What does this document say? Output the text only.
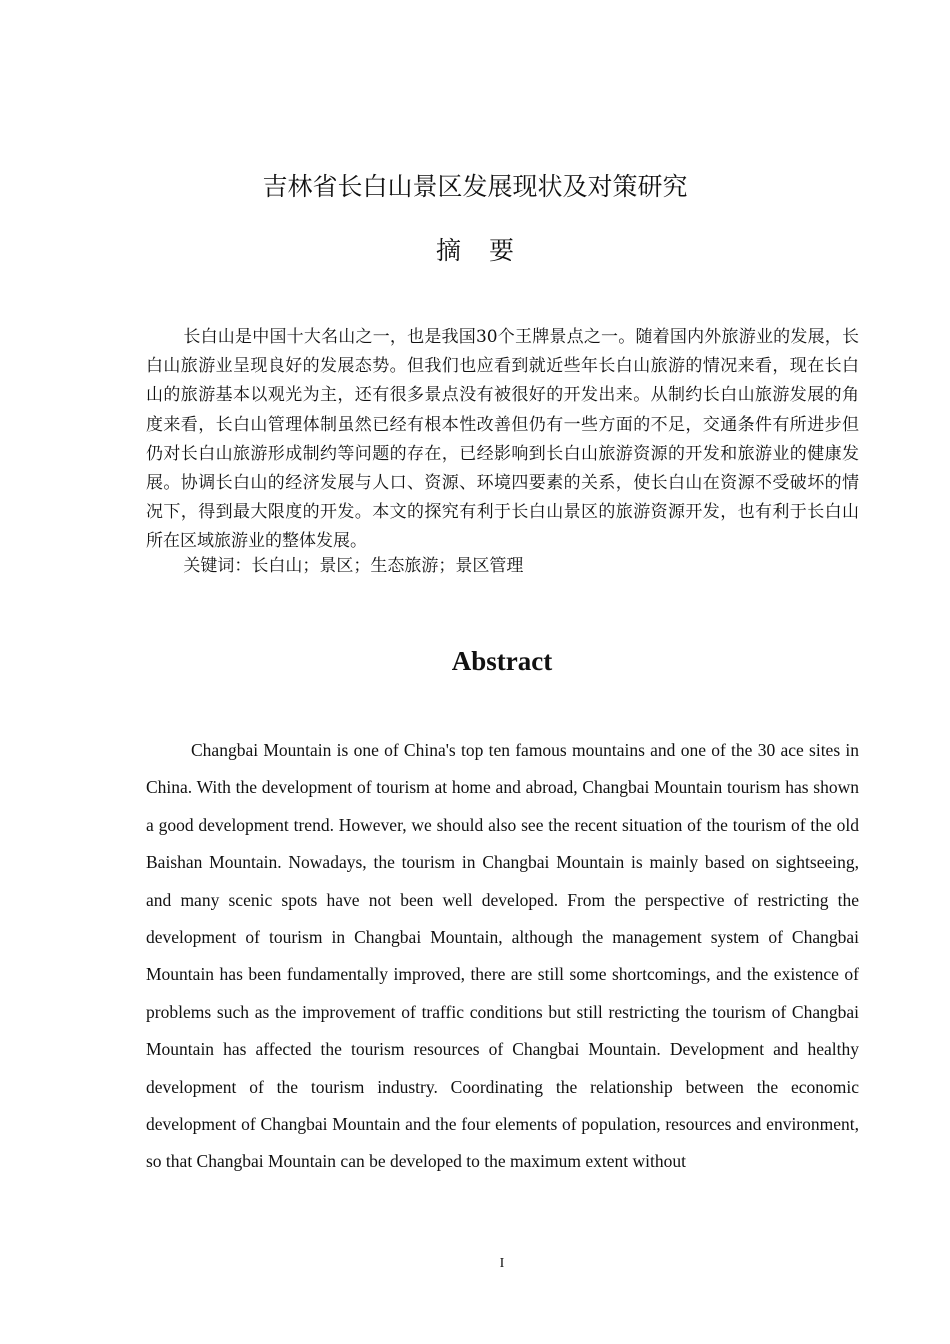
吉林省长白山景区发展现状及对策研究
摘 要

长白山是中国十大名山之一，也是我国30个王牌景点之一。随着国内外旅游业的发展，长白山旅游业呈现良好的发展态势。但我们也应看到就近些年长白山旅游的情况来看，现在长白山的旅游基本以观光为主，还有很多景点没有被很好的开发出来。从制约长白山旅游发展的角度来看，长白山管理体制虽然已经有根本性改善但仍有一些方面的不足，交通条件有所进步但仍对长白山旅游形成制约等问题的存在，已经影响到长白山旅游资源的开发和旅游业的健康发展。协调长白山的经济发展与人口、资源、环境四要素的关系，使长白山在资源不受破坏的情况下，得到最大限度的开发。本文的探究有利于长白山景区的旅游资源开发，也有利于长白山所在区域旅游业的整体发展。

关键词：长白山；景区；生态旅游；景区管理

Abstract

Changbai Mountain is one of China's top ten famous mountains and one of the 30 ace sites in China. With the development of tourism at home and abroad, Changbai Mountain tourism has shown a good development trend. However, we should also see the recent situation of the tourism of the old Baishan Mountain. Nowadays, the tourism in Changbai Mountain is mainly based on sightseeing, and many scenic spots have not been well developed. From the perspective of restricting the development of tourism in Changbai Mountain, although the management system of Changbai Mountain has been fundamentally improved, there are still some shortcomings, and the existence of problems such as the improvement of traffic conditions but still restricting the tourism of Changbai Mountain has affected the tourism resources of Changbai Mountain. Development and healthy development of the tourism industry. Coordinating the relationship between the economic development of Changbai Mountain and the four elements of population, resources and environment, so that Changbai Mountain can be developed to the maximum extent without

I
